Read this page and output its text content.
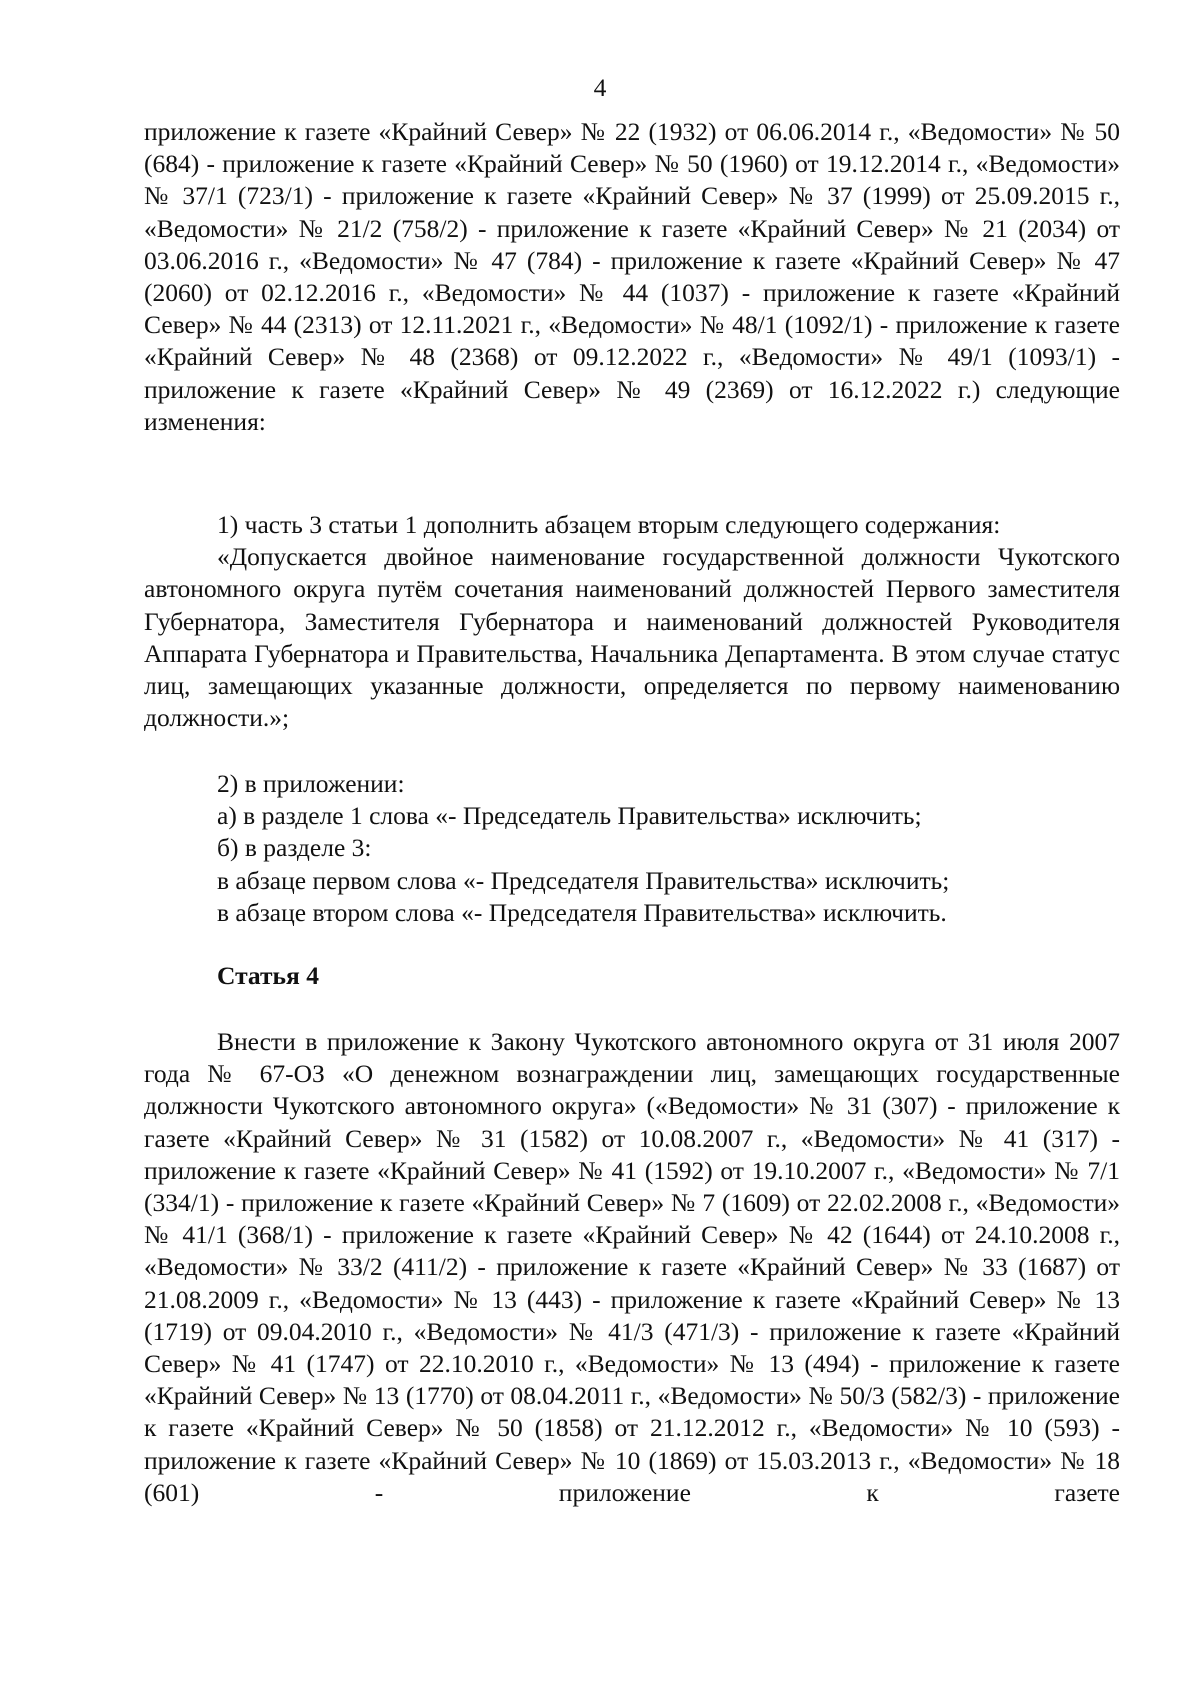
4

приложение к газете «Крайний Север» № 22 (1932) от 06.06.2014 г., «Ведомости» № 50 (684) - приложение к газете «Крайний Север» № 50 (1960) от 19.12.2014 г., «Ведомости» № 37/1 (723/1) - приложение к газете «Крайний Север» № 37 (1999) от 25.09.2015 г., «Ведомости» № 21/2 (758/2) - приложение к газете «Крайний Север» № 21 (2034) от 03.06.2016 г., «Ведомости» № 47 (784) - приложение к газете «Крайний Север» № 47 (2060) от 02.12.2016 г., «Ведомости» № 44 (1037) - приложение к газете «Крайний Север» № 44 (2313) от 12.11.2021 г., «Ведомости» № 48/1 (1092/1) - приложение к газете «Крайний Север» № 48 (2368) от 09.12.2022 г., «Ведомости» № 49/1 (1093/1) - приложение к газете «Крайний Север» № 49 (2369) от 16.12.2022 г.) следующие изменения:

1) часть 3 статьи 1 дополнить абзацем вторым следующего содержания:

«Допускается двойное наименование государственной должности Чукотского автономного округа путём сочетания наименований должностей Первого заместителя Губернатора, Заместителя Губернатора и наименований должностей Руководителя Аппарата Губернатора и Правительства, Начальника Департамента. В этом случае статус лиц, замещающих указанные должности, определяется по первому наименованию должности.»;

2) в приложении:
а) в разделе 1 слова «- Председатель Правительства» исключить;
б) в разделе 3:
в абзаце первом слова «- Председателя Правительства» исключить;
в абзаце втором слова «- Председателя Правительства» исключить.

Статья 4

Внести в приложение к Закону Чукотского автономного округа от 31 июля 2007 года № 67-ОЗ «О денежном вознаграждении лиц, замещающих государственные должности Чукотского автономного округа» («Ведомости» № 31 (307) - приложение к газете «Крайний Север» № 31 (1582) от 10.08.2007 г., «Ведомости» № 41 (317) - приложение к газете «Крайний Север» № 41 (1592) от 19.10.2007 г., «Ведомости» № 7/1 (334/1) - приложение к газете «Крайний Север» № 7 (1609) от 22.02.2008 г., «Ведомости» № 41/1 (368/1) - приложение к газете «Крайний Север» № 42 (1644) от 24.10.2008 г., «Ведомости» № 33/2 (411/2) - приложение к газете «Крайний Север» № 33 (1687) от 21.08.2009 г., «Ведомости» № 13 (443) - приложение к газете «Крайний Север» № 13 (1719) от 09.04.2010 г., «Ведомости» № 41/3 (471/3) - приложение к газете «Крайний Север» № 41 (1747) от 22.10.2010 г., «Ведомости» № 13 (494) - приложение к газете «Крайний Север» № 13 (1770) от 08.04.2011 г., «Ведомости» № 50/3 (582/3) - приложение к газете «Крайний Север» № 50 (1858) от 21.12.2012 г., «Ведомости» № 10 (593) - приложение к газете «Крайний Север» № 10 (1869) от 15.03.2013 г., «Ведомости» № 18 (601) - приложение к газете
